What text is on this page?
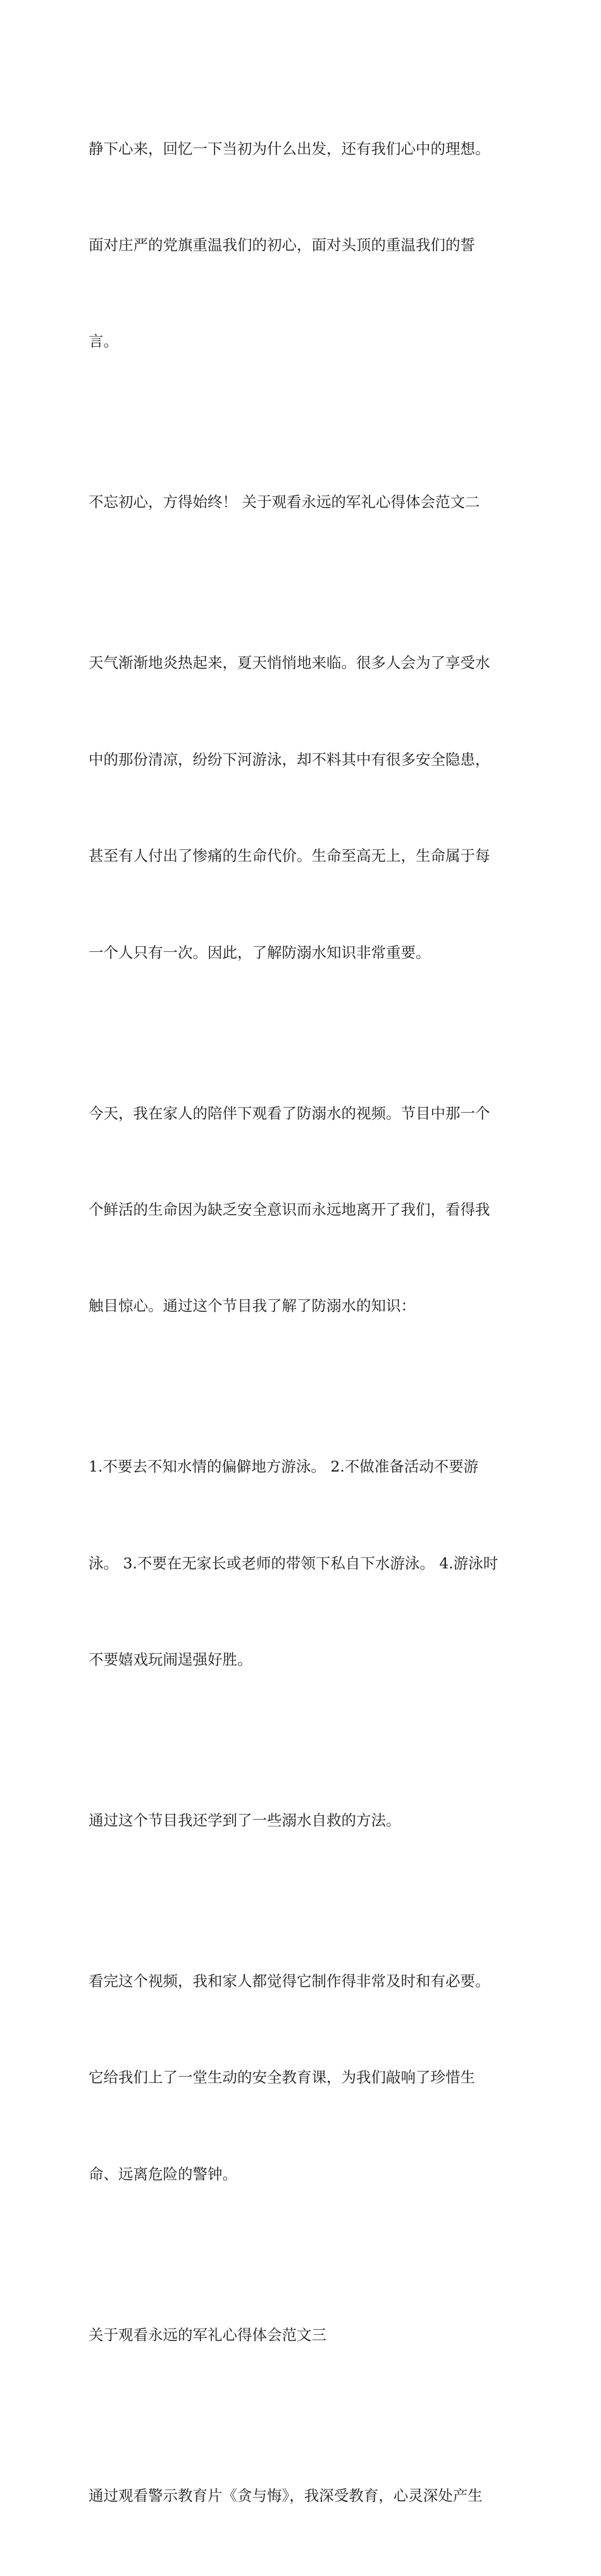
静下心来，回忆一下当初为什么出发，还有我们心中的理想。

面对庄严的党旗重温我们的初心，面对头顶的重温我们的誓

言。

不忘初心，方得始终！ 关于观看永远的军礼心得体会范文二

天气渐渐地炎热起来，夏天悄悄地来临。很多人会为了享受水

中的那份清凉，纷纷下河游泳，却不料其中有很多安全隐患，

甚至有人付出了惨痛的生命代价。生命至高无上，生命属于每

一个人只有一次。因此，了解防溺水知识非常重要。

今天，我在家人的陪伴下观看了防溺水的视频。节目中那一个

个鲜活的生命因为缺乏安全意识而永远地离开了我们，看得我

触目惊心。通过这个节目我了解了防溺水的知识：

1.不要去不知水情的偏僻地方游泳。 2.不做准备活动不要游

泳。 3.不要在无家长或老师的带领下私自下水游泳。 4.游泳时

不要嬉戏玩闹逞强好胜。

通过这个节目我还学到了一些溺水自救的方法。

看完这个视频，我和家人都觉得它制作得非常及时和有必要。

它给我们上了一堂生动的安全教育课，为我们敲响了珍惜生

命、远离危险的警钟。

关于观看永远的军礼心得体会范文三

通过观看警示教育片《贪与悔》，我深受教育，心灵深处产生
